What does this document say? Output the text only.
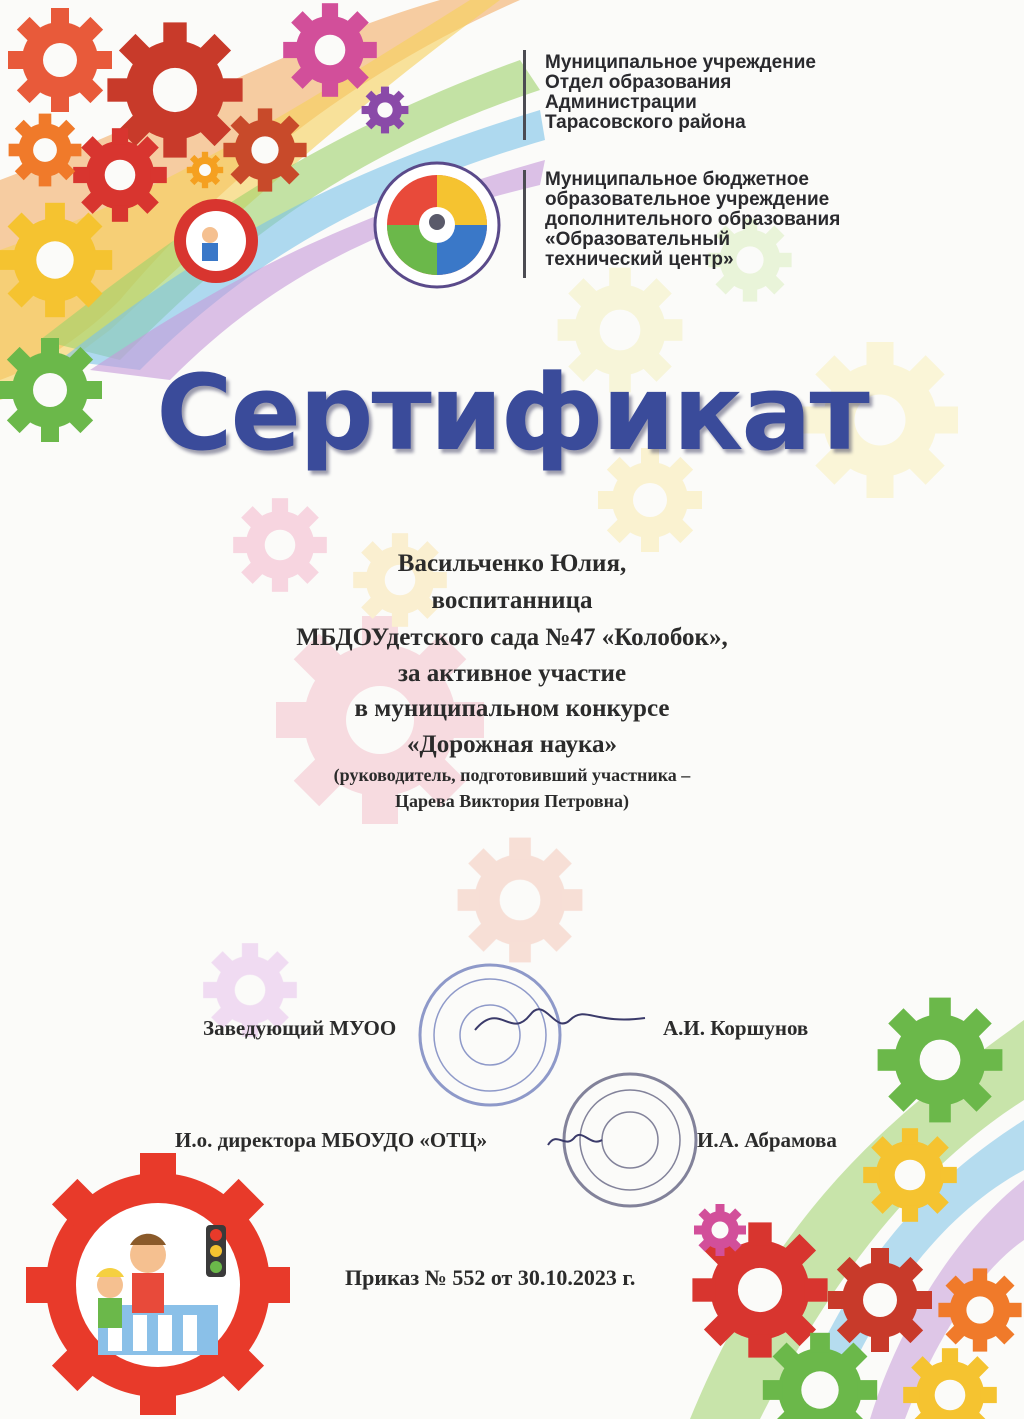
Муниципальное учреждение
Отдел образования
Администрации
Тарасовского района
Муниципальное бюджетное
образовательное учреждение
дополнительного образования
«Образовательный
технический центр»
Сертификат
Васильченко Юлия,
воспитанница
МБДОУдетского сада №47 «Колобок»,
за активное участие
в муниципальном конкурсе
«Дорожная наука»
(руководитель, подготовивший участника –
Царева Виктория Петровна)
Заведующий МУОО	А.И. Коршунов
И.о. директора МБОУДО «ОТЦ»	И.А. Абрамова
Приказ № 552 от 30.10.2023 г.
